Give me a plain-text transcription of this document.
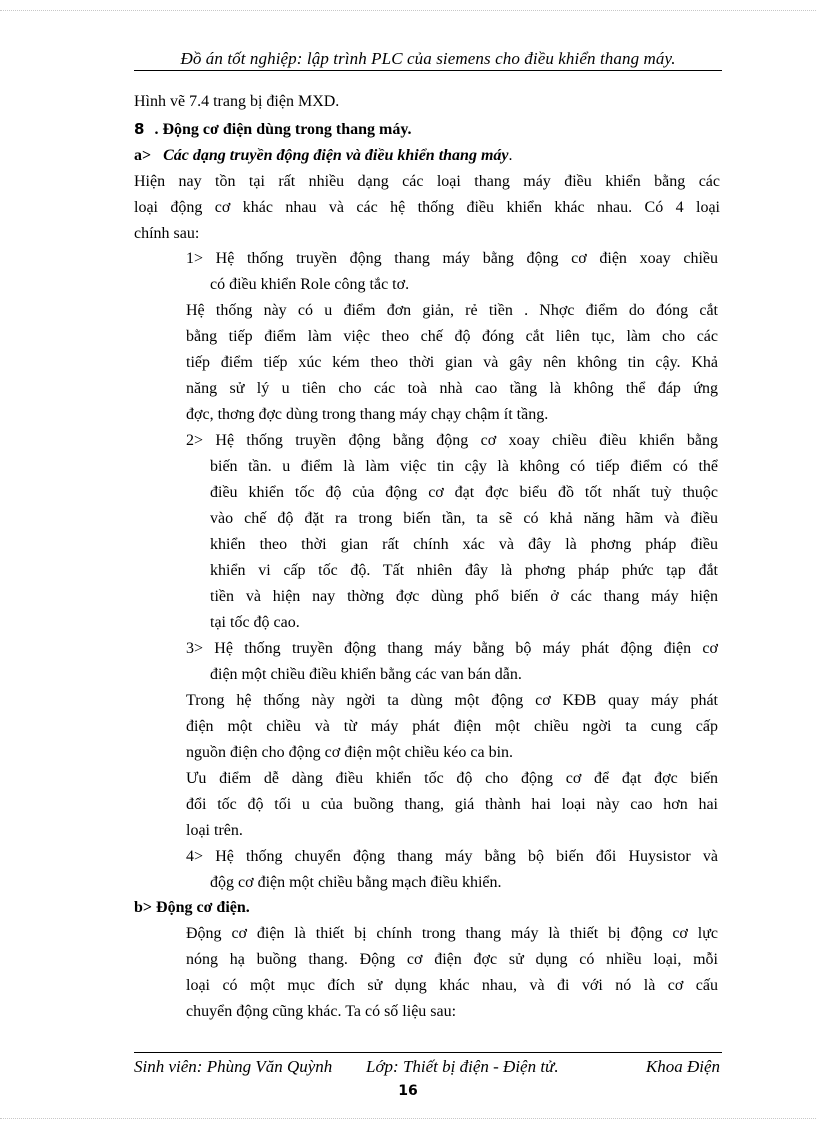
Đồ án tốt nghiệp: lập trình PLC của siemens cho điều khiển thang máy.
Hình vẽ 7.4 trang bị điện MXD.
8 . Động cơ điện dùng trong thang máy.
a> Các dạng truyền động điện và điều khiển thang máy.
Hiện nay tồn tại rất nhiều dạng các loại thang máy điều khiển bằng các
loại động cơ khác nhau và các hệ thống điều khiển khác nhau. Có 4 loại
chính sau:
1> Hệ thống truyền động thang máy bằng động cơ điện xoay chiều
có điều khiển Role công tắc tơ.
Hệ thống này có u điểm đơn giản, rẻ tiền . Nhợc điểm do đóng cắt
bằng tiếp điểm làm việc theo chế độ đóng cắt liên tục, làm cho các
tiếp điểm tiếp xúc kém theo thời gian và gây nên không tin cậy. Khả
năng sử lý u tiên cho các toà nhà cao tầng là không thể đáp ứng
đợc, thơng đợc dùng trong thang máy chạy chậm ít tầng.
2> Hệ thống truyền động bằng động cơ xoay chiều điều khiển bằng
biến tần. u điểm là làm việc tin cậy là không có tiếp điểm có thể
điều khiển tốc độ của động cơ đạt đợc biểu đồ tốt nhất tuỳ thuộc
vào chế độ đặt ra trong biến tần, ta sẽ có khả năng hãm và điều
khiển theo thời gian rất chính xác và đây là phơng pháp điều
khiển vi cấp tốc độ. Tất nhiên đây là phơng pháp phức tạp đắt
tiền và hiện nay thờng đợc dùng phổ biến ở các thang máy hiện
tại tốc độ cao.
3> Hệ thống truyền động thang máy bằng bộ máy phát động điện cơ
điện một chiều điều khiển bằng các van bán dẫn.
Trong hệ thống này ngời ta dùng một động cơ KĐB quay máy phát
điện một chiều và từ máy phát điện một chiều ngời ta cung cấp
nguồn điện cho động cơ điện một chiều kéo ca bin.
Ưu điểm dễ dàng điều khiển tốc độ cho động cơ để đạt đợc biến
đổi tốc độ tối u của buồng thang, giá thành hai loại này cao hơn hai
loại trên.
4> Hệ thống chuyển động thang máy bằng bộ biến đổi Huysistor và
độg cơ điện một chiều bằng mạch điều khiển.
b> Động cơ điện.
Động cơ điện là thiết bị chính trong thang máy là thiết bị động cơ lực
nóng hạ buồng thang. Động cơ điện đợc sử dụng có nhiều loại, mỗi
loại có một mục đích sử dụng khác nhau, và đi với nó là cơ cấu
chuyển động cũng khác. Ta có số liệu sau:
Sinh viên: Phùng Văn Quỳnh Lớp: Thiết bị điện - Điện tử.	Khoa Điện
16
